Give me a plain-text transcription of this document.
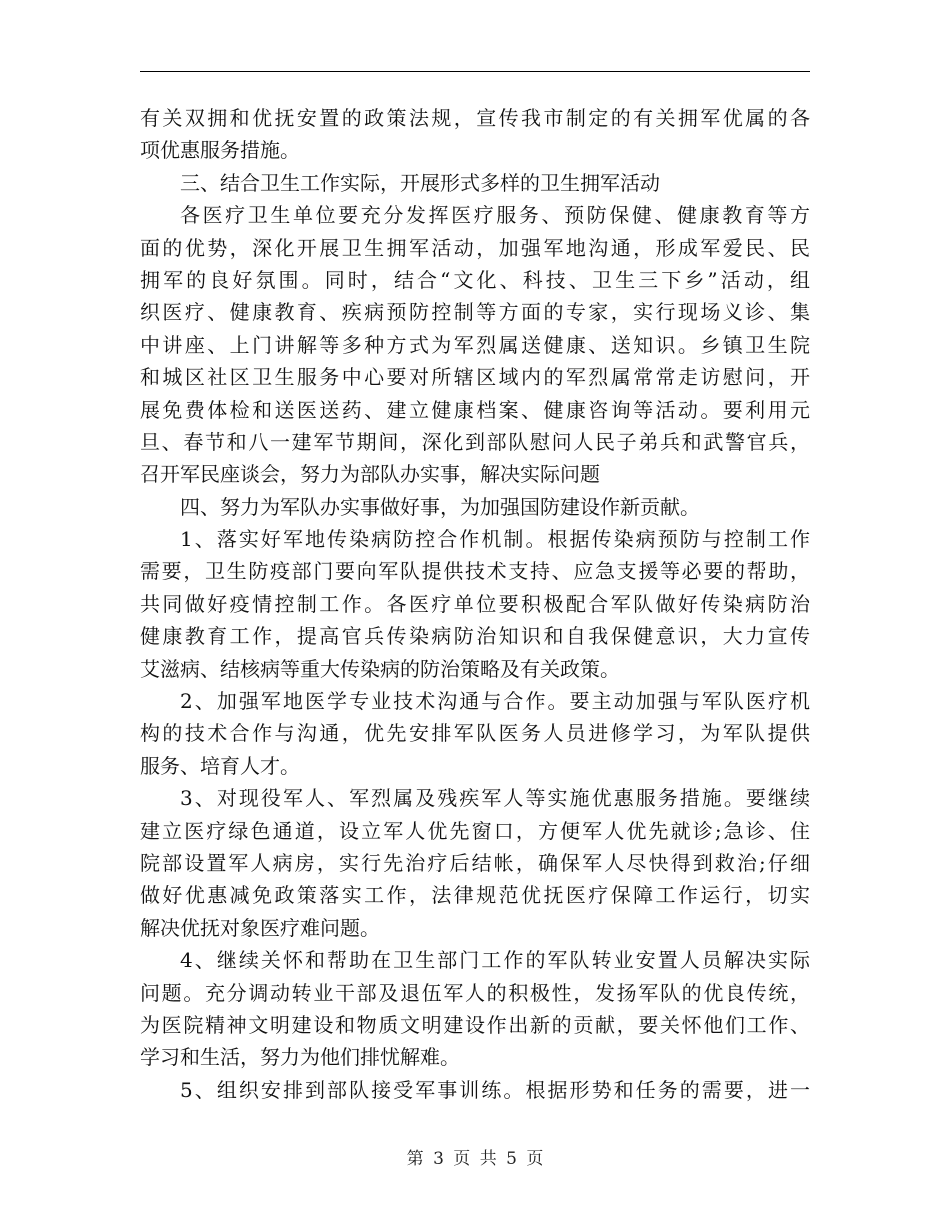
有关双拥和优抚安置的政策法规，宣传我市制定的有关拥军优属的各
项优惠服务措施。
三、结合卫生工作实际，开展形式多样的卫生拥军活动
各医疗卫生单位要充分发挥医疗服务、预防保健、健康教育等方
面的优势，深化开展卫生拥军活动，加强军地沟通，形成军爱民、民
拥军的良好氛围。同时，结合“文化、科技、卫生三下乡”活动，组
织医疗、健康教育、疾病预防控制等方面的专家，实行现场义诊、集
中讲座、上门讲解等多种方式为军烈属送健康、送知识。乡镇卫生院
和城区社区卫生服务中心要对所辖区域内的军烈属常常走访慰问，开
展免费体检和送医送药、建立健康档案、健康咨询等活动。要利用元
旦、春节和八一建军节期间，深化到部队慰问人民子弟兵和武警官兵，
召开军民座谈会，努力为部队办实事，解决实际问题
四、努力为军队办实事做好事，为加强国防建设作新贡献。
1、落实好军地传染病防控合作机制。根据传染病预防与控制工作
需要，卫生防疫部门要向军队提供技术支持、应急支援等必要的帮助，
共同做好疫情控制工作。各医疗单位要积极配合军队做好传染病防治
健康教育工作，提高官兵传染病防治知识和自我保健意识，大力宣传
艾滋病、结核病等重大传染病的防治策略及有关政策。
2、加强军地医学专业技术沟通与合作。要主动加强与军队医疗机
构的技术合作与沟通，优先安排军队医务人员进修学习，为军队提供
服务、培育人才。
3、对现役军人、军烈属及残疾军人等实施优惠服务措施。要继续
建立医疗绿色通道，设立军人优先窗口，方便军人优先就诊;急诊、住
院部设置军人病房，实行先治疗后结帐，确保军人尽快得到救治;仔细
做好优惠减免政策落实工作，法律规范优抚医疗保障工作运行，切实
解决优抚对象医疗难问题。
4、继续关怀和帮助在卫生部门工作的军队转业安置人员解决实际
问题。充分调动转业干部及退伍军人的积极性，发扬军队的优良传统，
为医院精神文明建设和物质文明建设作出新的贡献，要关怀他们工作、
学习和生活，努力为他们排忧解难。
5、组织安排到部队接受军事训练。根据形势和任务的需要，进一
第 3 页 共 5 页
